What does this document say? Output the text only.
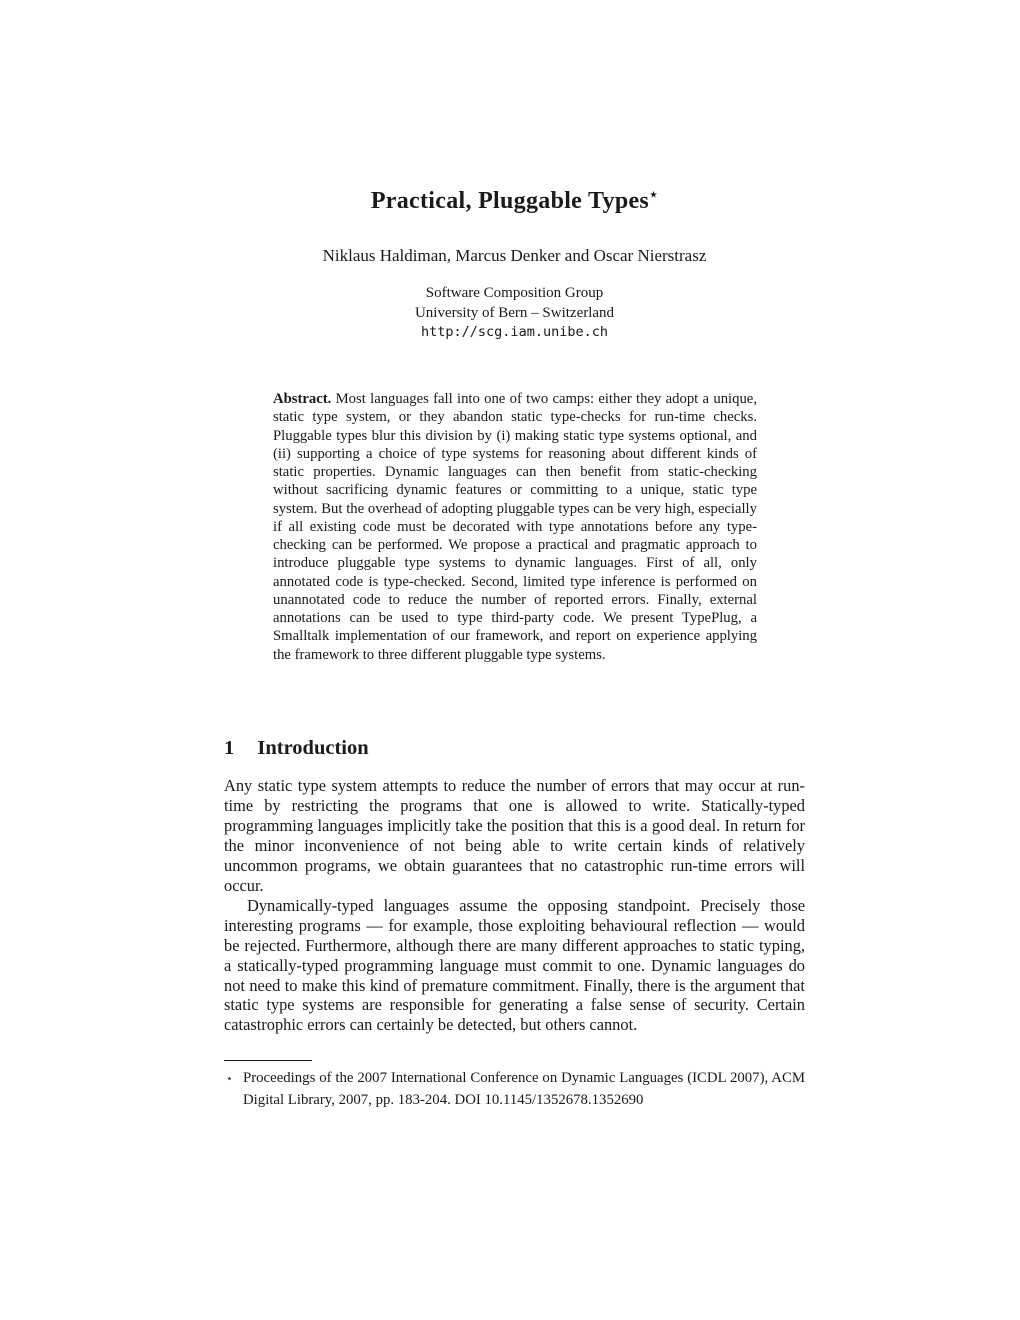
Practical, Pluggable Types⋆
Niklaus Haldiman, Marcus Denker and Oscar Nierstrasz
Software Composition Group
University of Bern – Switzerland
http://scg.iam.unibe.ch
Abstract. Most languages fall into one of two camps: either they adopt a unique, static type system, or they abandon static type-checks for run-time checks. Pluggable types blur this division by (i) making static type systems optional, and (ii) supporting a choice of type systems for reasoning about different kinds of static properties. Dynamic languages can then benefit from static-checking without sacrificing dynamic features or committing to a unique, static type system. But the overhead of adopting pluggable types can be very high, especially if all existing code must be decorated with type annotations before any type-checking can be performed. We propose a practical and pragmatic approach to introduce pluggable type systems to dynamic languages. First of all, only annotated code is type-checked. Second, limited type inference is performed on unannotated code to reduce the number of reported errors. Finally, external annotations can be used to type third-party code. We present TypePlug, a Smalltalk implementation of our framework, and report on experience applying the framework to three different pluggable type systems.
1 Introduction

Any static type system attempts to reduce the number of errors that may occur at run-time by restricting the programs that one is allowed to write. Statically-typed programming languages implicitly take the position that this is a good deal. In return for the minor inconvenience of not being able to write certain kinds of relatively uncommon programs, we obtain guarantees that no catastrophic run-time errors will occur.

Dynamically-typed languages assume the opposing standpoint. Precisely those interesting programs — for example, those exploiting behavioural reflection — would be rejected. Furthermore, although there are many different approaches to static typing, a statically-typed programming language must commit to one. Dynamic languages do not need to make this kind of premature commitment. Finally, there is the argument that static type systems are responsible for generating a false sense of security. Certain catastrophic errors can certainly be detected, but others cannot.

⋆ Proceedings of the 2007 International Conference on Dynamic Languages (ICDL 2007), ACM Digital Library, 2007, pp. 183-204. DOI 10.1145/1352678.1352690
